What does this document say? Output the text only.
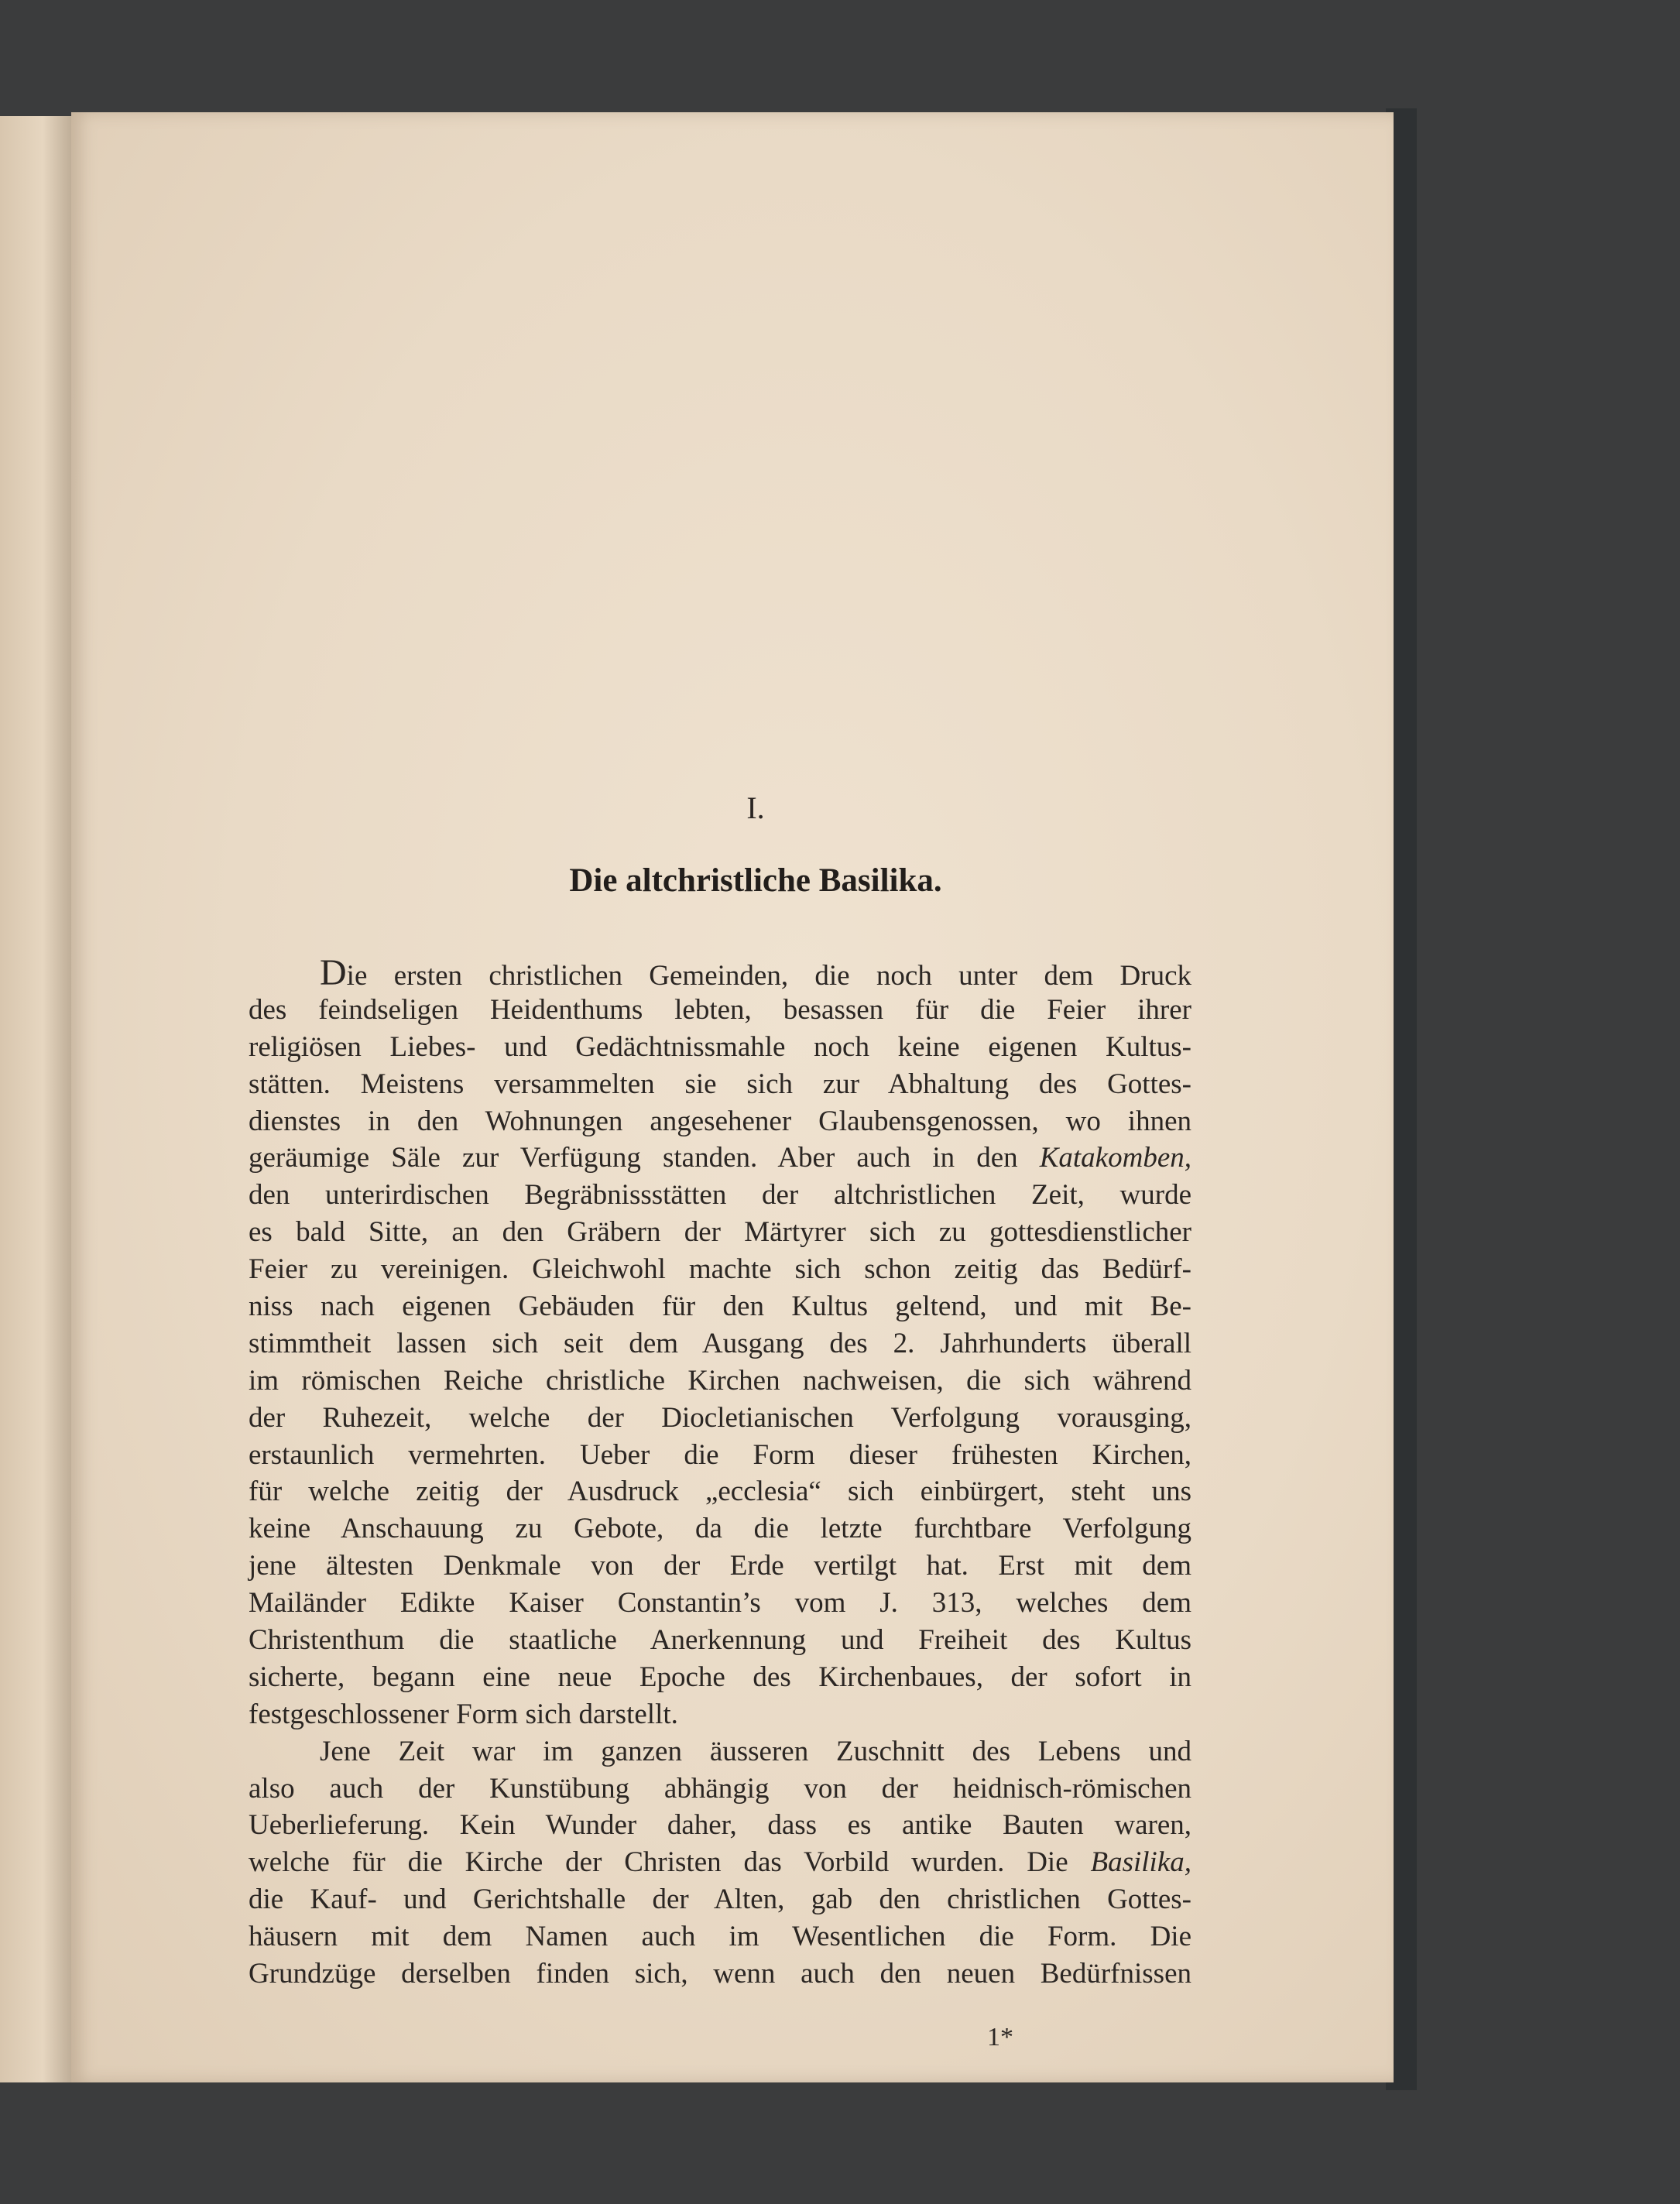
I.
Die altchristliche Basilika.
Die ersten christlichen Gemeinden, die noch unter dem Druck
des feindseligen Heidenthums lebten, besassen für die Feier ihrer
religiösen Liebes- und Gedächtnissmahle noch keine eigenen Kultus-
stätten. Meistens versammelten sie sich zur Abhaltung des Gottes-
dienstes in den Wohnungen angesehener Glaubensgenossen, wo ihnen
geräumige Säle zur Verfügung standen. Aber auch in den Katakomben,
den unterirdischen Begräbnissstätten der altchristlichen Zeit, wurde
es bald Sitte, an den Gräbern der Märtyrer sich zu gottesdienstlicher
Feier zu vereinigen. Gleichwohl machte sich schon zeitig das Bedürf-
niss nach eigenen Gebäuden für den Kultus geltend, und mit Be-
stimmtheit lassen sich seit dem Ausgang des 2. Jahrhunderts überall
im römischen Reiche christliche Kirchen nachweisen, die sich während
der Ruhezeit, welche der Diocletianischen Verfolgung vorausging,
erstaunlich vermehrten. Ueber die Form dieser frühesten Kirchen,
für welche zeitig der Ausdruck „ecclesia“ sich einbürgert, steht uns
keine Anschauung zu Gebote, da die letzte furchtbare Verfolgung
jene ältesten Denkmale von der Erde vertilgt hat. Erst mit dem
Mailänder Edikte Kaiser Constantin’s vom J. 313, welches dem
Christenthum die staatliche Anerkennung und Freiheit des Kultus
sicherte, begann eine neue Epoche des Kirchenbaues, der sofort in
festgeschlossener Form sich darstellt.
Jene Zeit war im ganzen äusseren Zuschnitt des Lebens und
also auch der Kunstübung abhängig von der heidnisch-römischen
Ueberlieferung. Kein Wunder daher, dass es antike Bauten waren,
welche für die Kirche der Christen das Vorbild wurden. Die Basilika,
die Kauf- und Gerichtshalle der Alten, gab den christlichen Gottes-
häusern mit dem Namen auch im Wesentlichen die Form. Die
Grundzüge derselben finden sich, wenn auch den neuen Bedürfnissen
1*
